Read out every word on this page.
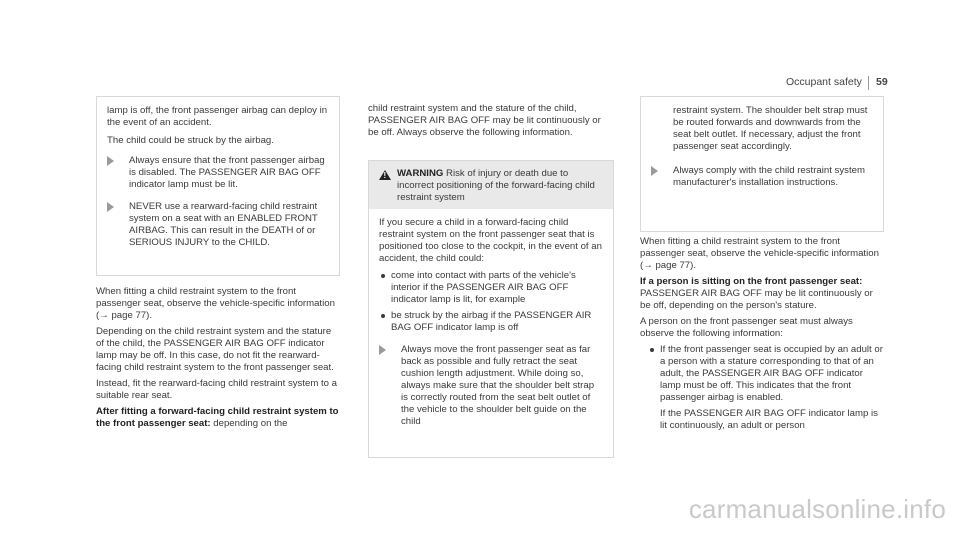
Occupant safety 59

lamp is off, the front passenger airbag can deploy in the event of an accident.

The child could be struck by the airbag.

Always ensure that the front passenger airbag is disabled. The PASSENGER AIR BAG OFF indicator lamp must be lit.
NEVER use a rearward-facing child restraint system on a seat with an ENABLED FRONT AIRBAG. This can result in the DEATH of or SERIOUS INJURY to the CHILD.

When fitting a child restraint system to the front passenger seat, observe the vehicle-specific information (→ page 77).

Depending on the child restraint system and the stature of the child, the PASSENGER AIR BAG OFF indicator lamp may be off. In this case, do not fit the rearward-facing child restraint system to the front passenger seat.

Instead, fit the rearward-facing child restraint system to a suitable rear seat.

After fitting a forward-facing child restraint system to the front passenger seat: depending on the

child restraint system and the stature of the child, PASSENGER AIR BAG OFF may be lit continuously or be off. Always observe the following information.

!	WARNING Risk of injury or death due to incorrect positioning of the forward-facing child restraint system

If you secure a child in a forward-facing child restraint system on the front passenger seat that is positioned too close to the cockpit, in the event of an accident, the child could:

come into contact with parts of the vehicle's interior if the PASSENGER AIR BAG OFF indicator lamp is lit, for example
be struck by the airbag if the PASSENGER AIR BAG OFF indicator lamp is off
Always move the front passenger seat as far back as possible and fully retract the seat cushion length adjustment. While doing so, always make sure that the shoulder belt strap is correctly routed from the seat belt outlet of the vehicle to the shoulder belt guide on the child
restraint system. The shoulder belt strap must be routed forwards and downwards from the seat belt outlet. If necessary, adjust the front passenger seat accordingly.
Always comply with the child restraint system manufacturer's installation instructions.

When fitting a child restraint system to the front passenger seat, observe the vehicle-specific information (→ page 77).

If a person is sitting on the front passenger seat:

PASSENGER AIR BAG OFF may be lit continuously or be off, depending on the person's stature.

A person on the front passenger seat must always observe the following information:

If the front passenger seat is occupied by an adult or a person with a stature corresponding to that of an adult, the PASSENGER AIR BAG OFF indicator lamp must be off. This indicates that the front passenger airbag is enabled.

If the PASSENGER AIR BAG OFF indicator lamp is lit continuously, an adult or person

carmanualsonline.info
